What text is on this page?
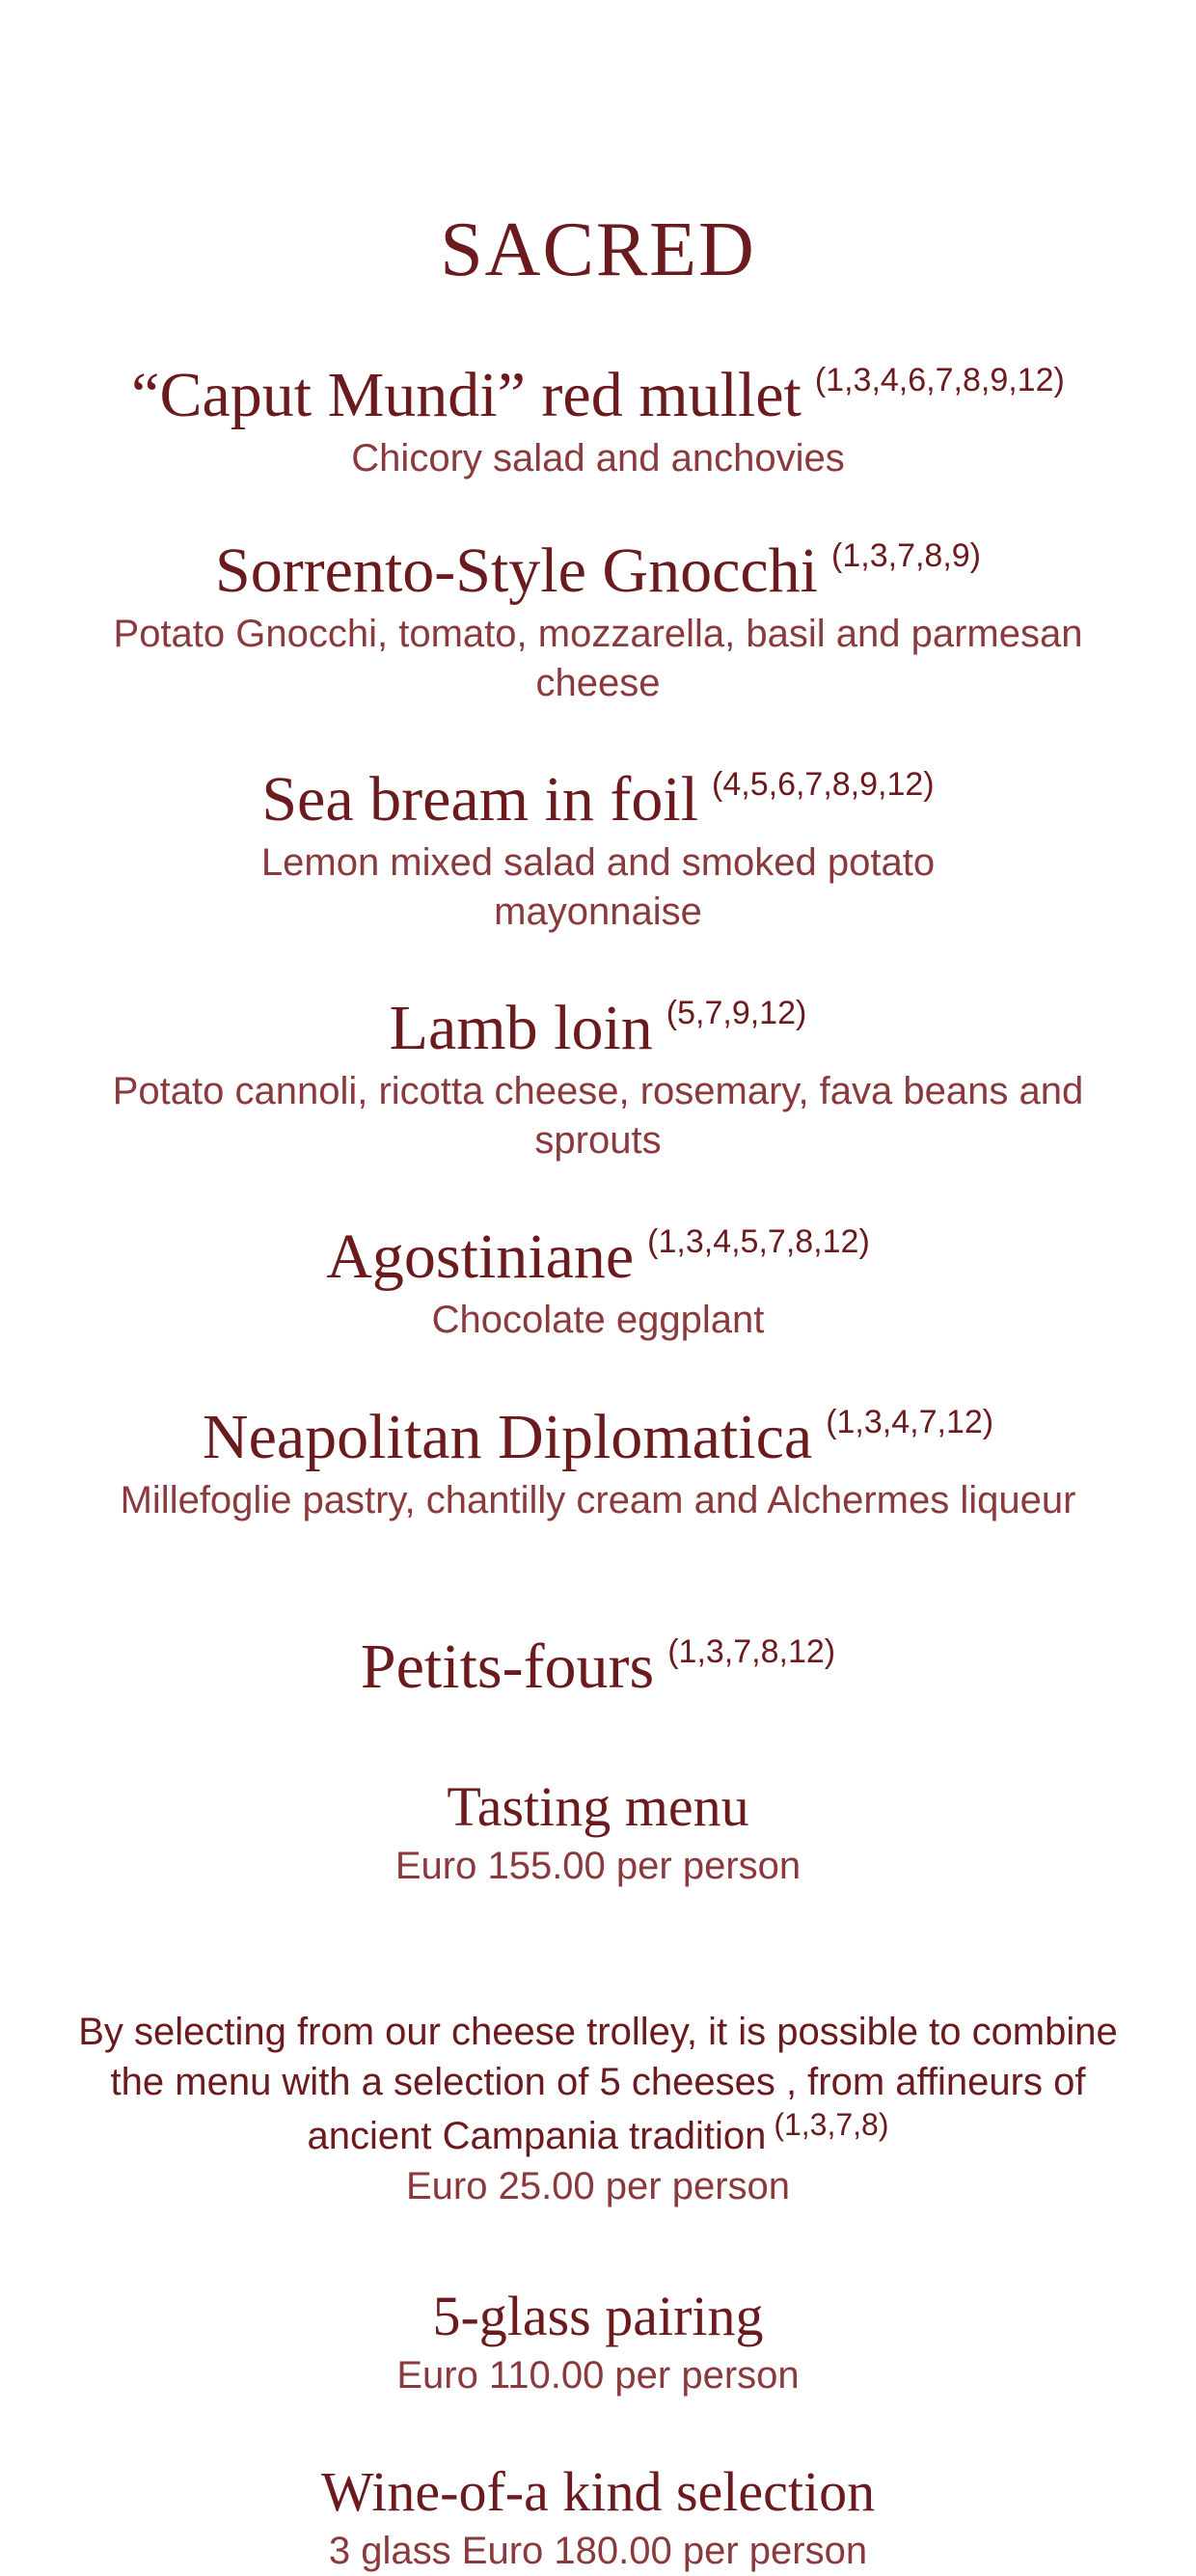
SACRED
“Caput Mundi” red mullet (1,3,4,6,7,8,9,12)
Chicory salad and anchovies
Sorrento-Style Gnocchi (1,3,7,8,9)
Potato Gnocchi, tomato, mozzarella, basil and parmesan cheese
Sea bream in foil (4,5,6,7,8,9,12)
Lemon mixed salad and smoked potato mayonnaise
Lamb loin (5,7,9,12)
Potato cannoli, ricotta cheese, rosemary, fava beans and sprouts
Agostiniane (1,3,4,5,7,8,12)
Chocolate eggplant
Neapolitan Diplomatica (1,3,4,7,12)
Millefoglie pastry, chantilly cream and Alchermes liqueur
Petits-fours (1,3,7,8,12)
Tasting menu
Euro 155.00 per person
By selecting from our cheese trolley, it is possible to combine the menu with a selection of 5 cheeses , from affineurs of ancient Campania tradition (1,3,7,8)
Euro 25.00 per person
5-glass pairing
Euro 110.00 per person
Wine-of-a kind selection
3 glass Euro 180.00 per person
